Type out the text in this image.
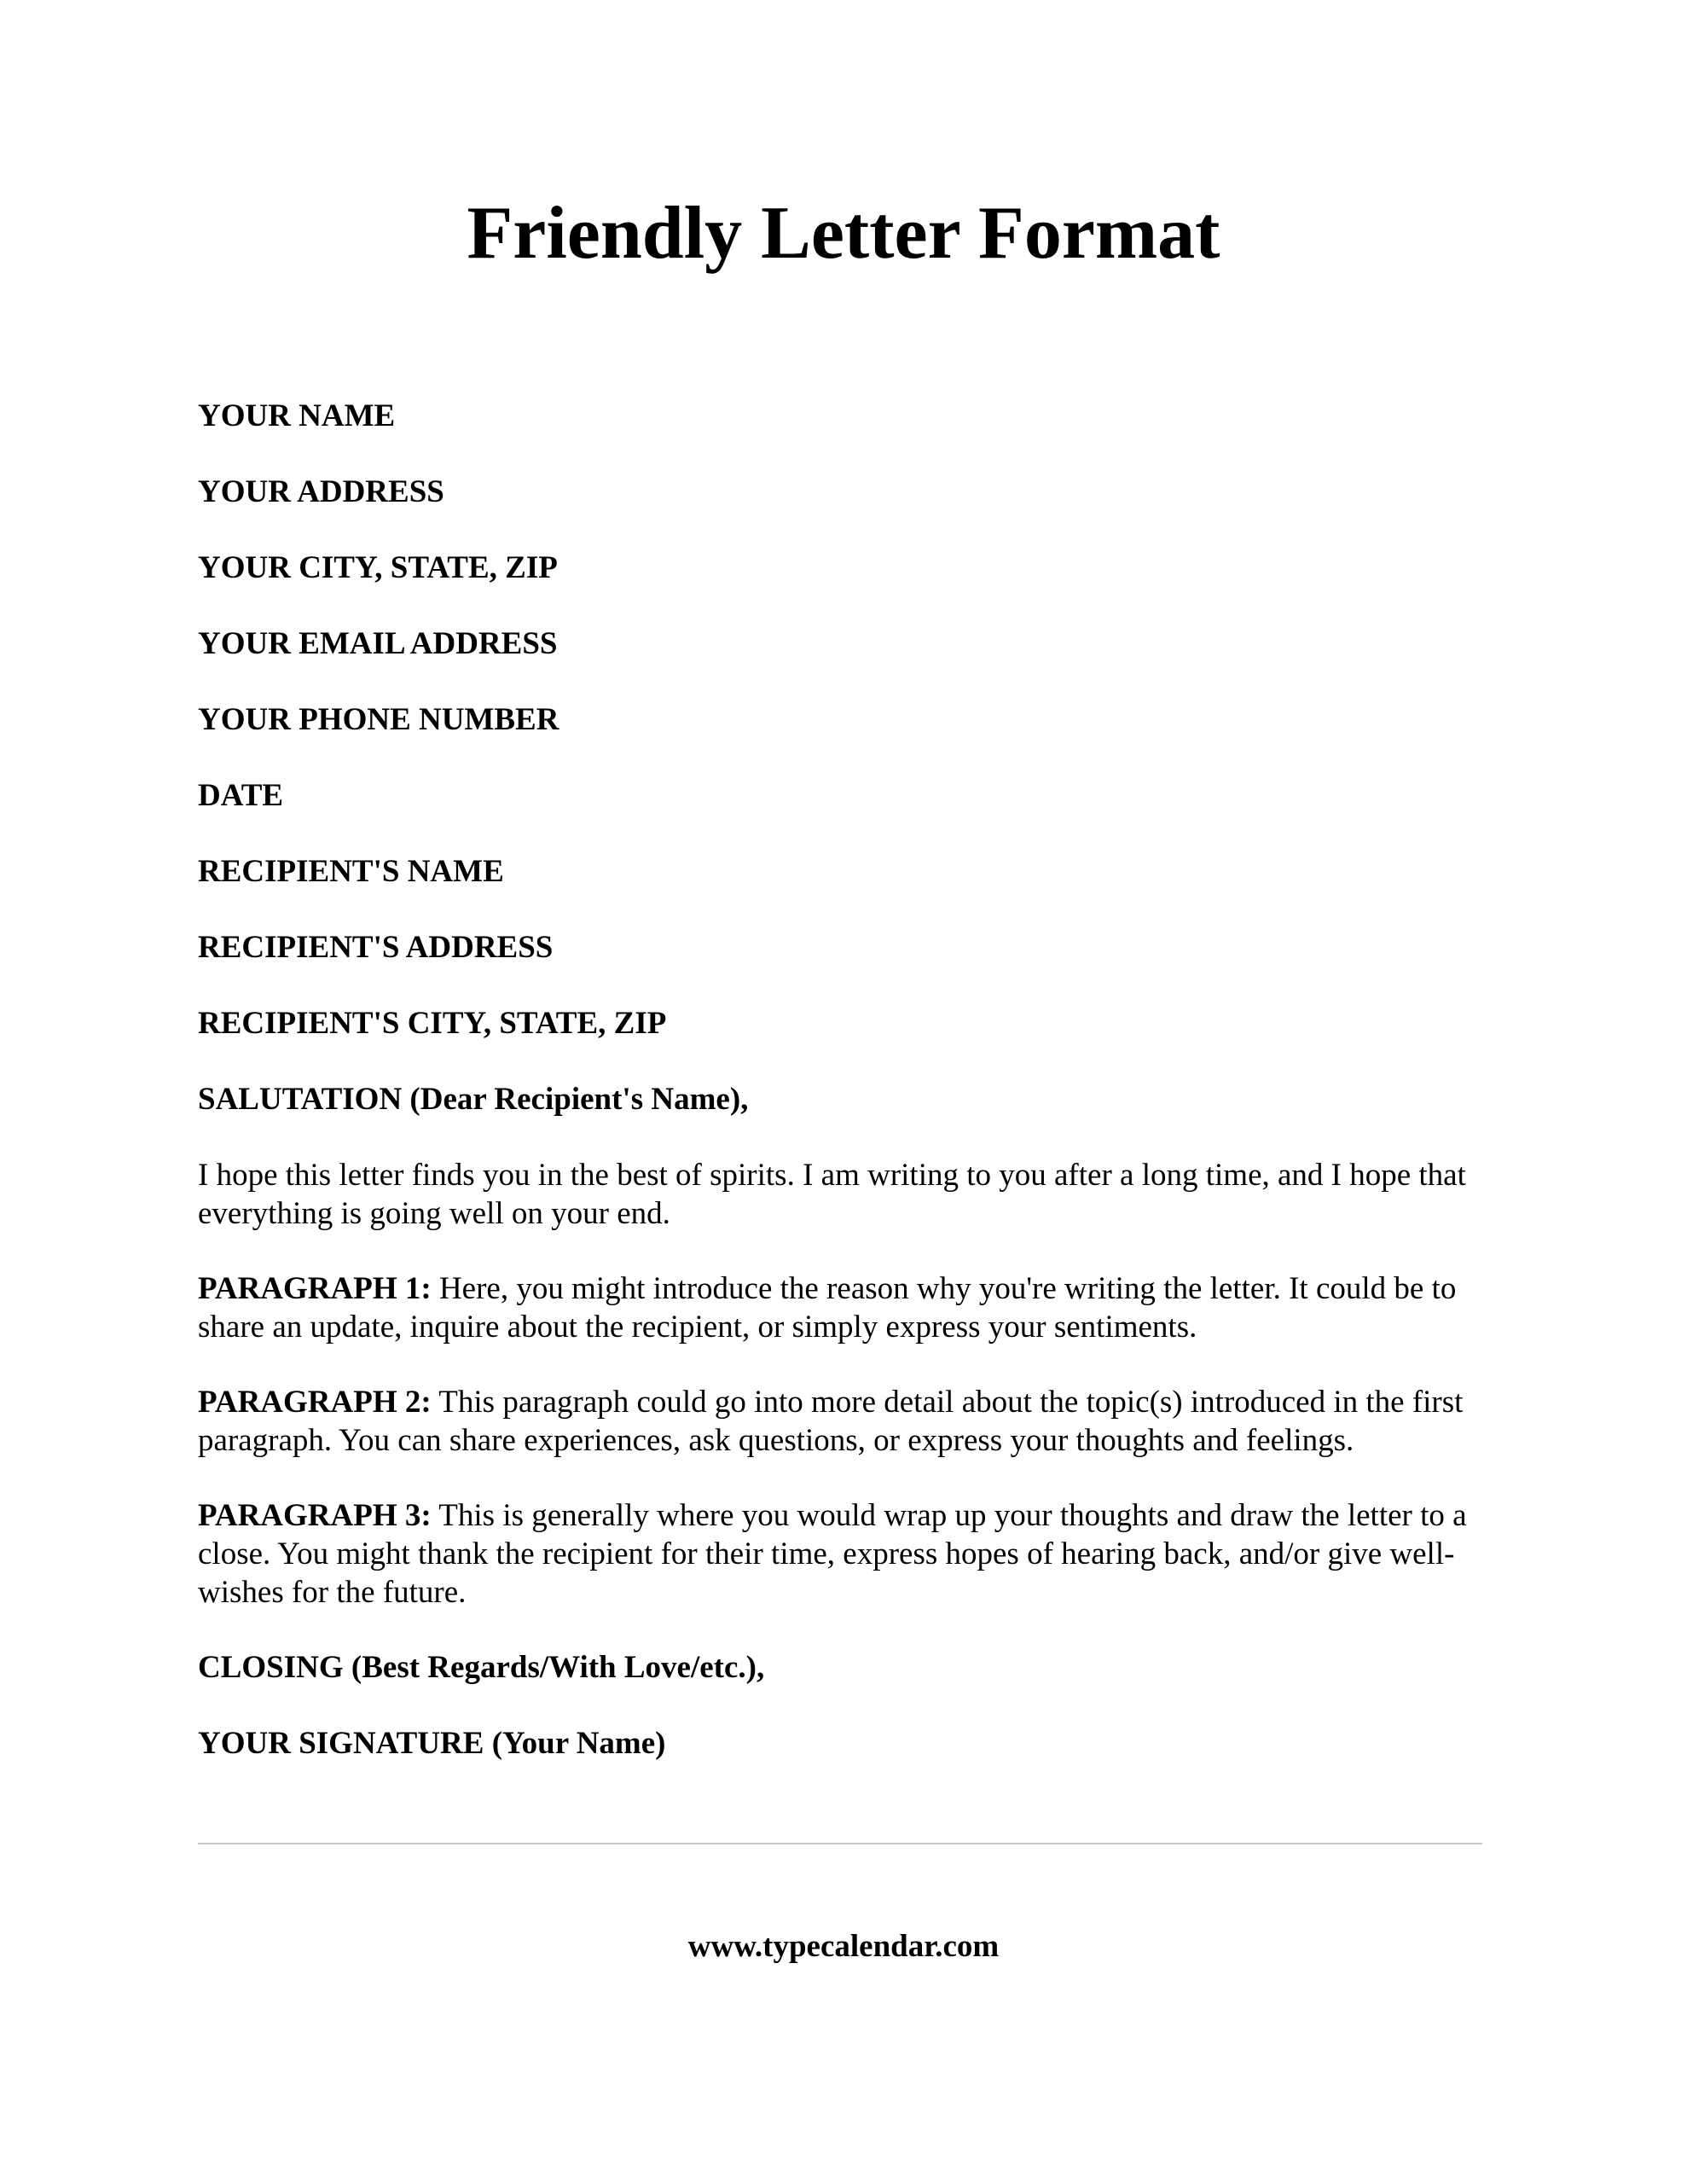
Friendly Letter Format

YOUR NAME

YOUR ADDRESS

YOUR CITY, STATE, ZIP

YOUR EMAIL ADDRESS

YOUR PHONE NUMBER

DATE

RECIPIENT'S NAME

RECIPIENT'S ADDRESS

RECIPIENT'S CITY, STATE, ZIP

SALUTATION (Dear Recipient's Name),

I hope this letter finds you in the best of spirits. I am writing to you after a long time, and I hope that everything is going well on your end.

PARAGRAPH 1: Here, you might introduce the reason why you're writing the letter. It could be to share an update, inquire about the recipient, or simply express your sentiments.

PARAGRAPH 2: This paragraph could go into more detail about the topic(s) introduced in the first paragraph. You can share experiences, ask questions, or express your thoughts and feelings.

PARAGRAPH 3: This is generally where you would wrap up your thoughts and draw the letter to a close. You might thank the recipient for their time, express hopes of hearing back, and/or give well-wishes for the future.

CLOSING (Best Regards/With Love/etc.),

YOUR SIGNATURE (Your Name)

www.typecalendar.com
